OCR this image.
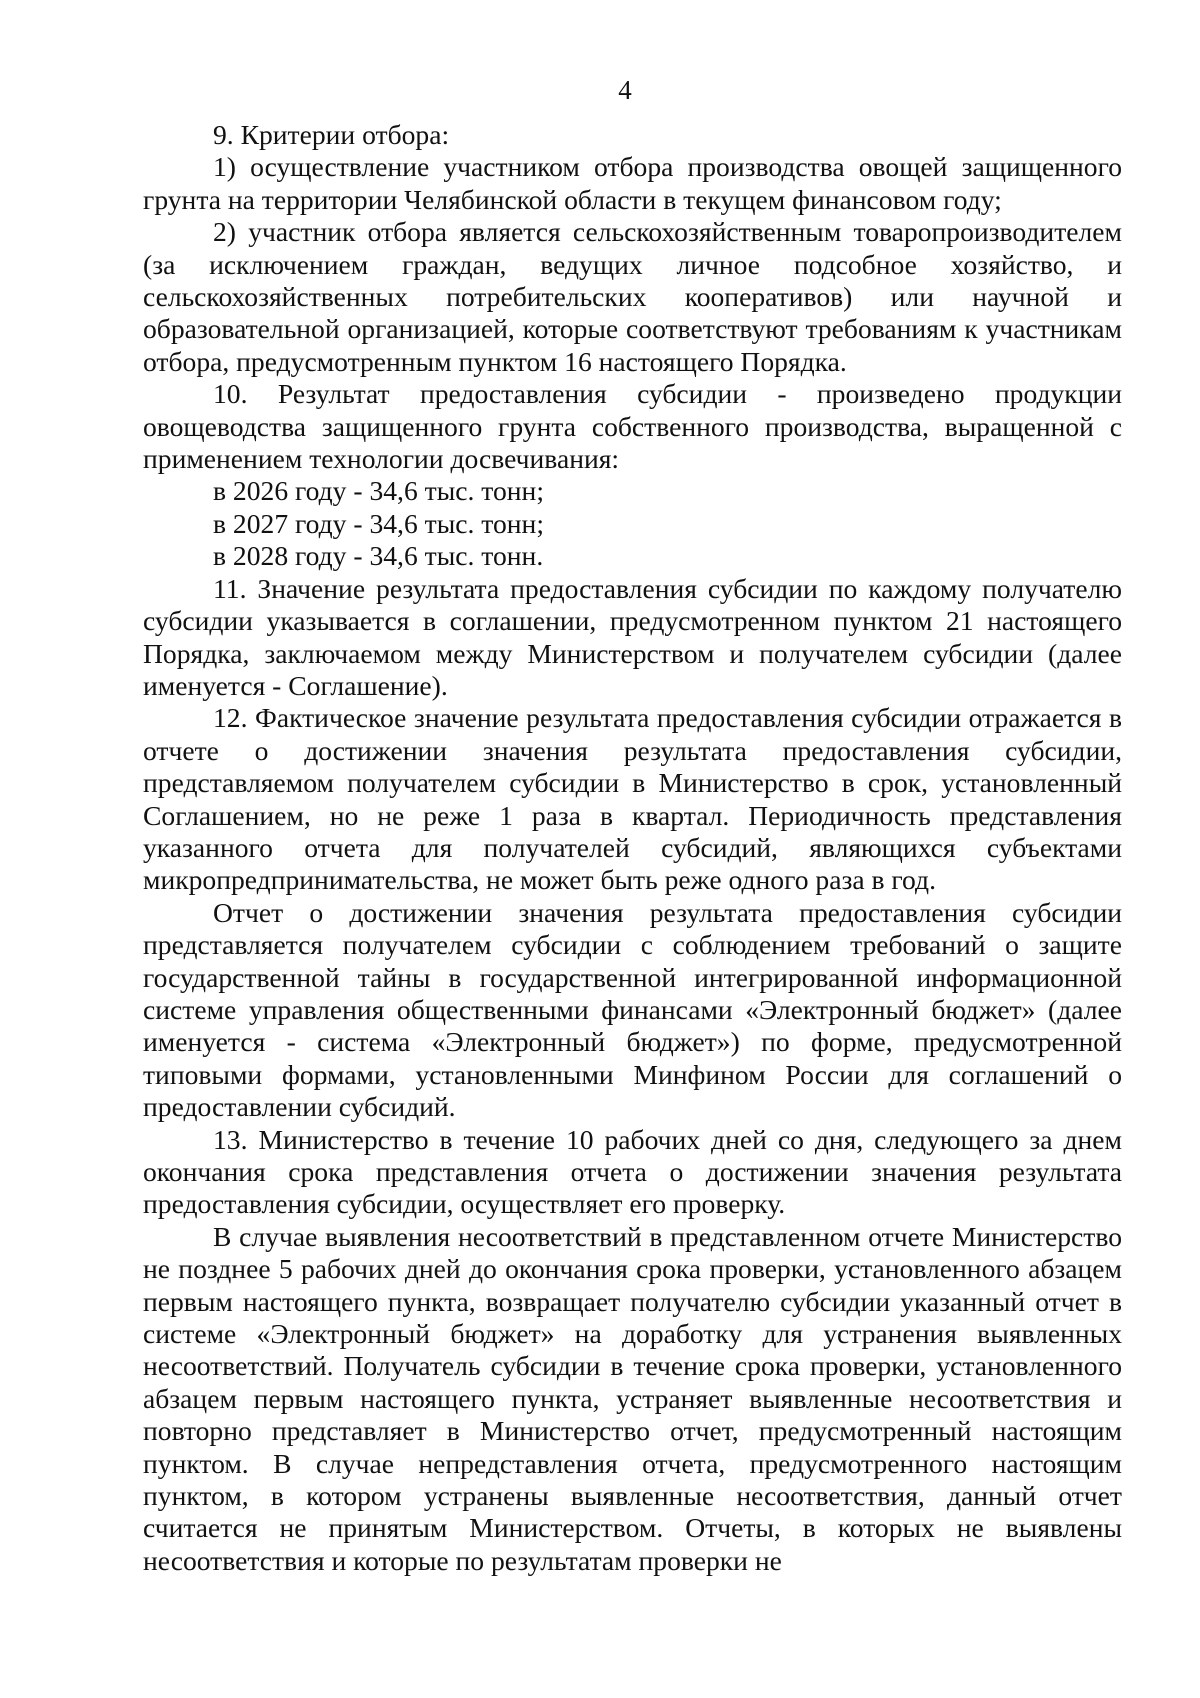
4

9. Критерии отбора:

1) осуществление участником отбора производства овощей защищенного грунта на территории Челябинской области в текущем финансовом году;

2) участник отбора является сельскохозяйственным товаропроизводителем (за исключением граждан, ведущих личное подсобное хозяйство, и сельскохозяйственных потребительских кооперативов) или научной и образовательной организацией, которые соответствуют требованиям к участникам отбора, предусмотренным пунктом 16 настоящего Порядка.

10. Результат предоставления субсидии - произведено продукции овощеводства защищенного грунта собственного производства, выращенной с применением технологии досвечивания:

в 2026 году - 34,6 тыс. тонн;

в 2027 году - 34,6 тыс. тонн;

в 2028 году - 34,6 тыс. тонн.

11. Значение результата предоставления субсидии по каждому получателю субсидии указывается в соглашении, предусмотренном пунктом 21 настоящего Порядка, заключаемом между Министерством и получателем субсидии (далее именуется - Соглашение).

12. Фактическое значение результата предоставления субсидии отражается в отчете о достижении значения результата предоставления субсидии, представляемом получателем субсидии в Министерство в срок, установленный Соглашением, но не реже 1 раза в квартал. Периодичность представления указанного отчета для получателей субсидий, являющихся субъектами микропредпринимательства, не может быть реже одного раза в год.

Отчет о достижении значения результата предоставления субсидии представляется получателем субсидии с соблюдением требований о защите государственной тайны в государственной интегрированной информационной системе управления общественными финансами «Электронный бюджет» (далее именуется - система «Электронный бюджет») по форме, предусмотренной типовыми формами, установленными Минфином России для соглашений о предоставлении субсидий.

13. Министерство в течение 10 рабочих дней со дня, следующего за днем окончания срока представления отчета о достижении значения результата предоставления субсидии, осуществляет его проверку.

В случае выявления несоответствий в представленном отчете Министерство не позднее 5 рабочих дней до окончания срока проверки, установленного абзацем первым настоящего пункта, возвращает получателю субсидии указанный отчет в системе «Электронный бюджет» на доработку для устранения выявленных несоответствий. Получатель субсидии в течение срока проверки, установленного абзацем первым настоящего пункта, устраняет выявленные несоответствия и повторно представляет в Министерство отчет, предусмотренный настоящим пунктом. В случае непредставления отчета, предусмотренного настоящим пунктом, в котором устранены выявленные несоответствия, данный отчет считается не принятым Министерством. Отчеты, в которых не выявлены несоответствия и которые по результатам проверки не
